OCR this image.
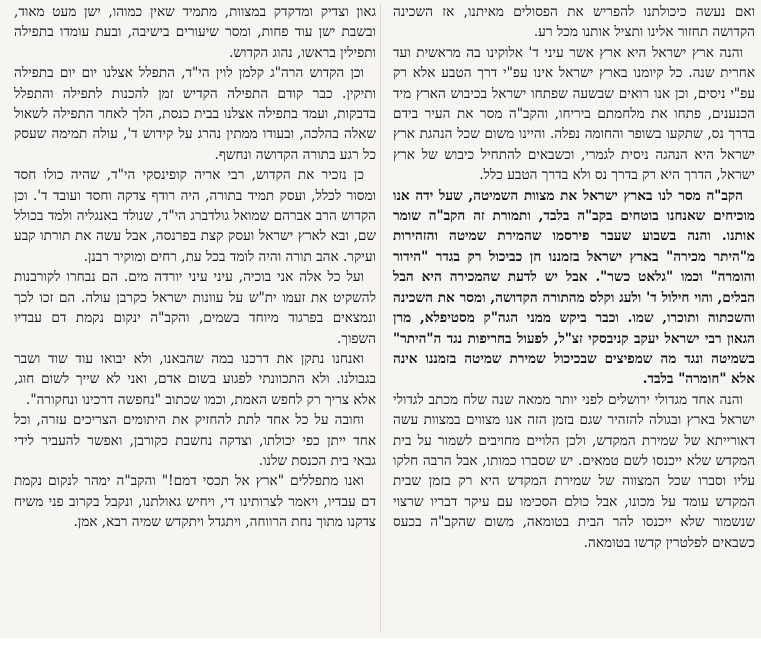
ואם נעשה כיכולתנו להפריש את הפסולים מאיתנו, אז השכינה הקדושה תחזור אלינו ותציל אותנו מכל רע.

והנה ארץ ישראל היא ארץ אשר עיני ד' אלוקינו בה מראשית ועד אחרית שנה. כל קיומנו בארץ ישראל אינו עפ"י דרך הטבע אלא רק עפ"י ניסים, וכן אנו רואים שבשעה שפתחו ישראל בכיבוש הארץ מיד הכנענים, פתחו את מלחמתם ביריחו, והקב"ה מסר את העיר בידם בדרך נס, שתקעו בשופר והחומה נפלה. והיינו משום שכל הנהגת ארץ ישראל היא הנהגה ניסית לגמרי, וכשבאים להתחיל כיבוש של ארץ ישראל, הדרך היא רק בדרך נס ולא בדרך הטבע כלל.

הקב"ה מסר לנו בארץ ישראל את מצוות השמיטה, שעל ידה אנו מוכיחים שאנחנו בוטחים בקב"ה בלבד, ותמורת זה הקב"ה שומר אותנו. והנה בשבוע שעבר פירסמו שהמירת שמיטה והזהירות מ"היתר מכירה" בארץ ישראל בזמננו חן כביכול רק בגדר "הידור והומרה" וכמו "גלאט כשר". אבל יש לדעת שהמכירה היא הבל הבלים, והוי חילול ד' ולעג וקלס מהתורה הקדושה, ומסר את השכינה והשכתוה ותוכרו, שמו. וכבר ביקש ממני הגה"ק מסטיפלא, מרן הגאון רבי ישראל יעקב קניבסקי זצ"ל, לפעול בחריפות נגד ה"היתר" בשמיטה ונגד מה שמפיצים שבכיכול שמירת שמיטה בזמננו אינה אלא "חומרה" בלבד.

והנה אחד מגדולי ירושלים לפני יותר ממאה שנה שלח מכתב לגדולי ישראל בארץ ובגולה להזהיר שגם בזמן הזה אנו מצווים במצוות עשה דאורייתא של שמירת המקדש, ולכן הלויים מחויבים לשמור על בית המקדש שלא ייכנסו לשם טמאים. יש שסברו כמותו, אבל הרבה חלקו עליו וסברו שכל המצווה של שמירת המקדש היא רק בזמן שבית המקדש עומד על מכונו, אבל כולם הסכימו עם עיקר דבריו שרצוי שנשמור שלא ייכנסו להר הבית בטומאה, משום שהקב"ה בכעס כשבאים לפלטרין קדשו בטומאה.

גאון וצדיק ומדקדק במצוות, מתמיד שאין כמוהו, ישן מעט מאוד, ובשבת ישן עוד פחות, ומסר שיעורים בישיבה, ובעת עומדו בתפילה ותפילין בראשו, נהוג הקדוש.

וכן הקדוש הרה"ג קלמן לוין הי"ד, התפלל אצלנו יום יום בתפילה ותיקין. כבר קודם התפילה הקדיש זמן להכנות לתפילה והתפלל בדבקות, ועמד בתפילה אצלנו בבית כנסת, הלך לאחר התפילה לשאול שאלה בהלכה, ובעודו ממתין נהרג על קידוש ד', עולה תמימה שעסק כל רגע בתורה הקדושה ונחשף.

כן נזכיר את הקדוש, רבי אריה קופינסקי הי"ד, שהיה כולו חסד ומסור לכלל, ועסק תמיד בתורה, היה רודף צדקה וחסד ועובד ד'. וכן הקדוש הרב אברהם שמואל גולדברג הי"ד, שנולד באנגליה ולמד בכולל שם, ובא לארץ ישראל ועסק קצת בפרנסה, אבל עשה את תורתו קבע ועיקר. אהב תורה והיה לומד בכל עת, רחים ומוקיר רבנן.

ועל כל אלה אני בוכיה, עיני עיני יורדה מים. הם נבחרו לקורבנות להשקיט את זעמו ית"ש על עוונות ישראל כקרבן עולה. הם זכו לכך ונמצאים בפרגוד מיוחד בשמים, והקב"ה ינקום נקמת דם עבדיו השפוך.

ואנחנו נתקן את דרכנו במה שהבאנו, ולא יבואו עוד שוד ושבר בגבולנו. ולא התכוונתי לפגוע בשום אדם, ואני לא שייך לשום חוג, אלא צריך רק לחפש האמת, וכמו שכתוב "נחפשה דרכינו ונחקורה".

וחובה על כל אחד לתת להחזיק את היתומים הצריכים עזרה, וכל אחד ייתן כפי יכולתו, וצדקה נחשבת כקורבן, ואפשר להעביר לידי גבאי בית הכנסת שלנו.

ואנו מתפללים "ארץ אל תכסי דמם!" והקב"ה ימהר לנקום נקמת דם עבדיו, ויאמר לצרותינו די, ויחיש גאולתנו, ונקבל בקרוב פני משיח צדקנו מתוך נחת הרווחה, ויתגדל ויתקדש שמיה רבא, אמן.
